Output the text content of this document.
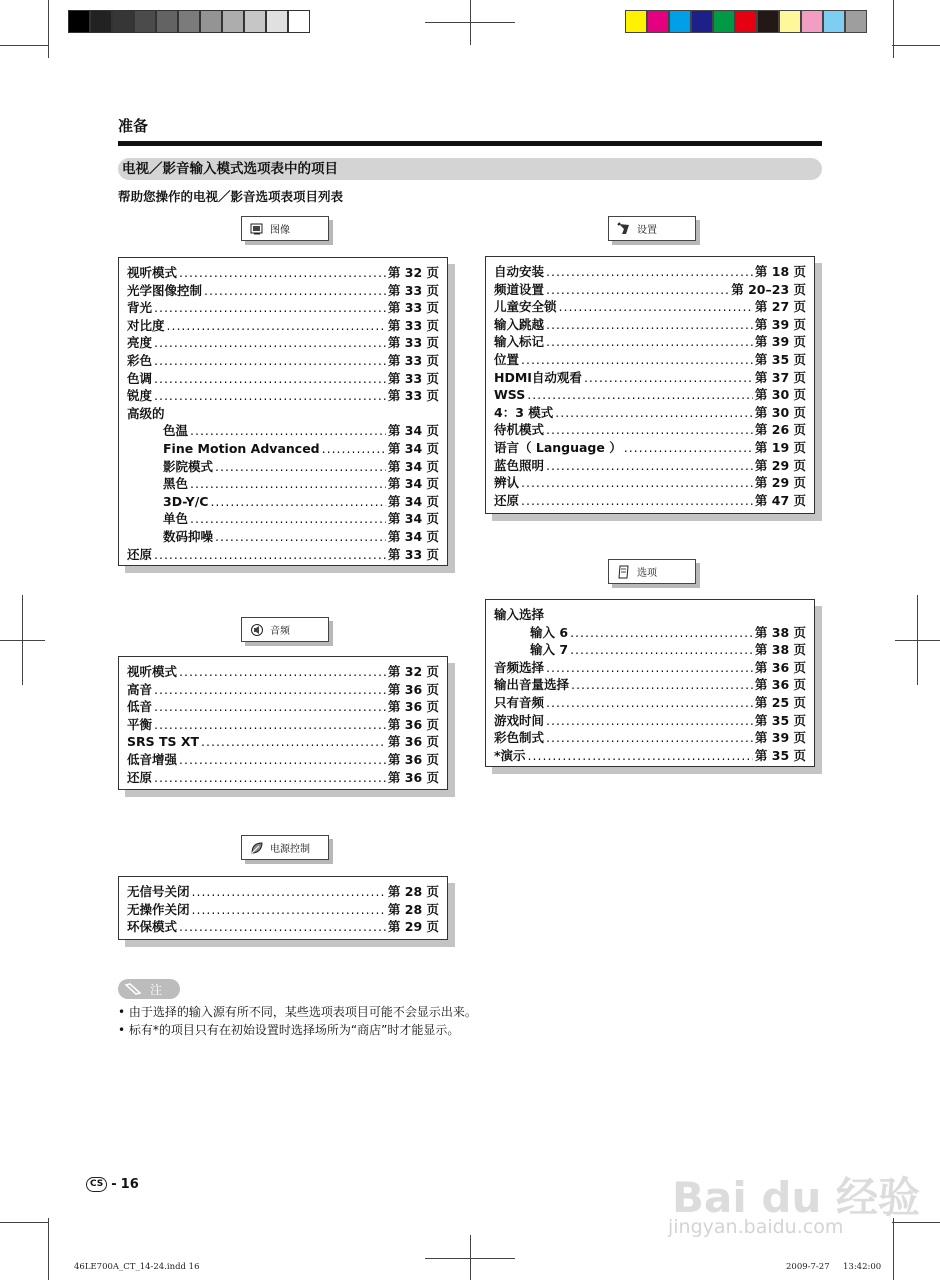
准备
电视／影音输入模式选项表中的项目
帮助您操作的电视／影音选项表项目列表
图像	设置
音频
选项
电源控制
视听模式 .....	第 32 页
光学图像控制 .....	第 33 页
背光 .....	第 33 页
对比度 .....	第 33 页
亮度 .....	第 33 页
彩色 .....	第 33 页
色调 .....	第 33 页
锐度 .....	第 33 页
高级的
色温 .....	第 34 页
Fine Motion Advanced .....	第 34 页
影院模式 .....	第 34 页
黑色 .....	第 34 页
3D-Y/C .....	第 34 页
单色 .....	第 34 页
数码抑噪 .....	第 34 页
还原 .....	第 33 页
视听模式 .....	第 32 页
高音 .....	第 36 页
低音 .....	第 36 页
平衡 .....	第 36 页
SRS TS XT .....	第 36 页
低音增强 .....	第 36 页
还原 .....	第 36 页
无信号关闭 .....	第 28 页
无操作关闭 .....	第 28 页
环保模式 .....	第 29 页
自动安装 .....	第 18 页
频道设置 .....	第 20–23 页
儿童安全锁 .....	第 27 页
输入跳越 .....	第 39 页
输入标记 .....	第 39 页
位置 .....	第 35 页
HDMI自动观看 .....	第 37 页
WSS .....	第 30 页
4：3 模式 .....	第 30 页
待机模式 .....	第 26 页
语言（ Language ） .....	第 19 页
蓝色照明 .....	第 29 页
辨认 .....	第 29 页
还原 .....	第 47 页
输入选择
输入 6 .....	第 38 页
输入 7 .....	第 38 页
音频选择 .....	第 36 页
输出音量选择 .....	第 36 页
只有音频 .....	第 25 页
游戏时间 .....	第 35 页
彩色制式 .....	第 39 页
*演示 .....	第 35 页
注
• 由于选择的输入源有所不同，某些选项表项目可能不会显示出来。
• 标有*的项目只有在初始设置时选择场所为“商店”时才能显示。
CS - 16
46LE700A_CT_14-24.indd 16	2009-7-27 13:42:00
Bai du 经验
jingyan.baidu.com
